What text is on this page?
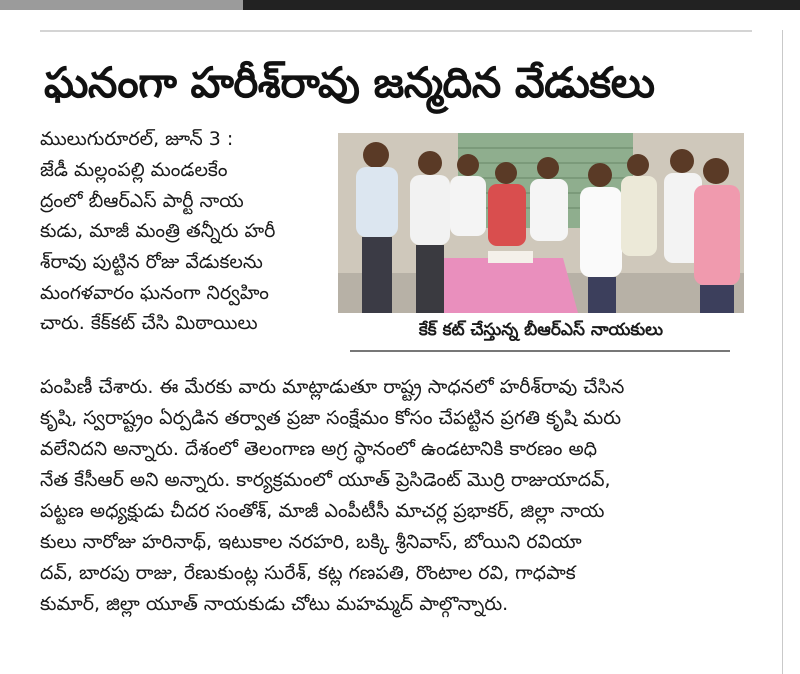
ఘనంగా హరీశ్‌రావు జన్మదిన వేడుకలు
కేక్ కట్ చేస్తున్న బీఆర్ఎస్ నాయకులు
ములుగురూరల్, జూన్ 3 :
జేడీ మల్లంపల్లి మండలకేం
ద్రంలో బీఆర్ఎస్ పార్టీ నాయ
కుడు, మాజీ మంత్రి తన్నీరు హరీ
శ్‌రావు పుట్టిన రోజు వేడుకలను
మంగళవారం ఘనంగా నిర్వహిం
చారు. కేక్‌కట్ చేసి మిఠాయిలు
పంపిణీ చేశారు. ఈ మేరకు వారు మాట్లాడుతూ రాష్ట్ర సాధనలో హరీశ్‌రావు చేసిన
కృషి, స్వరాష్ట్రం ఏర్పడిన తర్వాత ప్రజా సంక్షేమం కోసం చేపట్టిన ప్రగతి కృషి మరు
వలేనిదని అన్నారు. దేశంలో తెలంగాణ అగ్ర స్థానంలో ఉండటానికి కారణం అధి
నేత కేసీఆర్ అని అన్నారు. కార్యక్రమంలో యూత్ ప్రెసిడెంట్ మొర్రి రాజుయాదవ్,
పట్టణ అధ్యక్షుడు చీదర సంతోశ్, మాజీ ఎంపీటీసీ మాచర్ల ప్రభాకర్, జిల్లా నాయ
కులు నారోజు హరినాథ్, ఇటుకాల నరహరి, బక్కి శ్రీనివాస్, బోయిని రవియా
దవ్, బారపు రాజు, రేణుకుంట్ల సురేశ్, కట్ల గణపతి, రొంటాల రవి, గాధపాక
కుమార్, జిల్లా యూత్ నాయకుడు చోటు మహమ్మద్ పాల్గొన్నారు.
